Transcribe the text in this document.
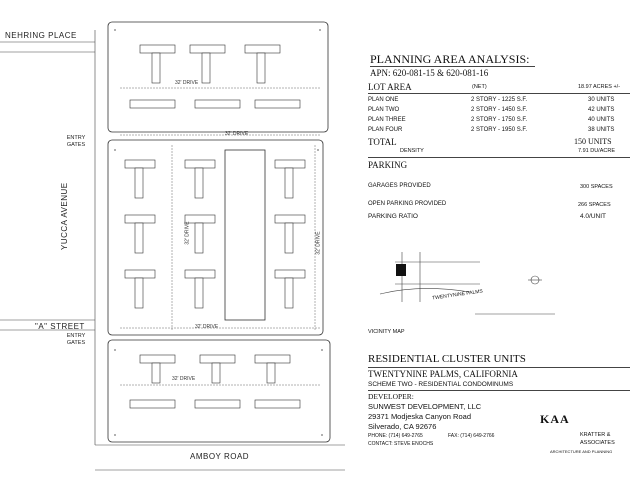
NEHRING PLACE
YUCCA AVENUE
"A" STREET
AMBOY ROAD
ENTRY GATES
ENTRY GATES
32' DRIVE
32' DRIVE
32' DRIVE	32' DRIVE
32' DRIVE
32' DRIVE
PLANNING AREA ANALYSIS:
APN: 620-081-15 & 620-081-16
LOT AREA	(NET)	18.97 ACRES +/-
PLAN ONE	2 STORY - 1225 S.F.	30 UNITS
PLAN TWO	2 STORY - 1450 S.F.	42 UNITS
PLAN THREE	2 STORY - 1750 S.F.	40 UNITS
PLAN FOUR	2 STORY - 1950 S.F.	38 UNITS
TOTAL	150 UNITS
DENSITY	7.91 DU/ACRE
PARKING
GARAGES PROVIDED	300 SPACES
OPEN PARKING PROVIDED	266 SPACES
PARKING RATIO	4.0/UNIT
TWENTYNINE PALMS
VICINITY MAP
RESIDENTIAL CLUSTER UNITS
TWENTYNINE PALMS, CALIFORNIA
SCHEME TWO - RESIDENTIAL CONDOMINUMS
DEVELOPER:
SUNWEST DEVELOPMENT, LLC
29371 Modjeska Canyon Road
Silverado, CA 92676
PHONE: (714) 649-2765	FAX: (714) 649-2766
CONTACT: STEVE ENOCHS
KAA
KRATTER &
ASSOCIATES
ARCHITECTURE AND PLANNING
